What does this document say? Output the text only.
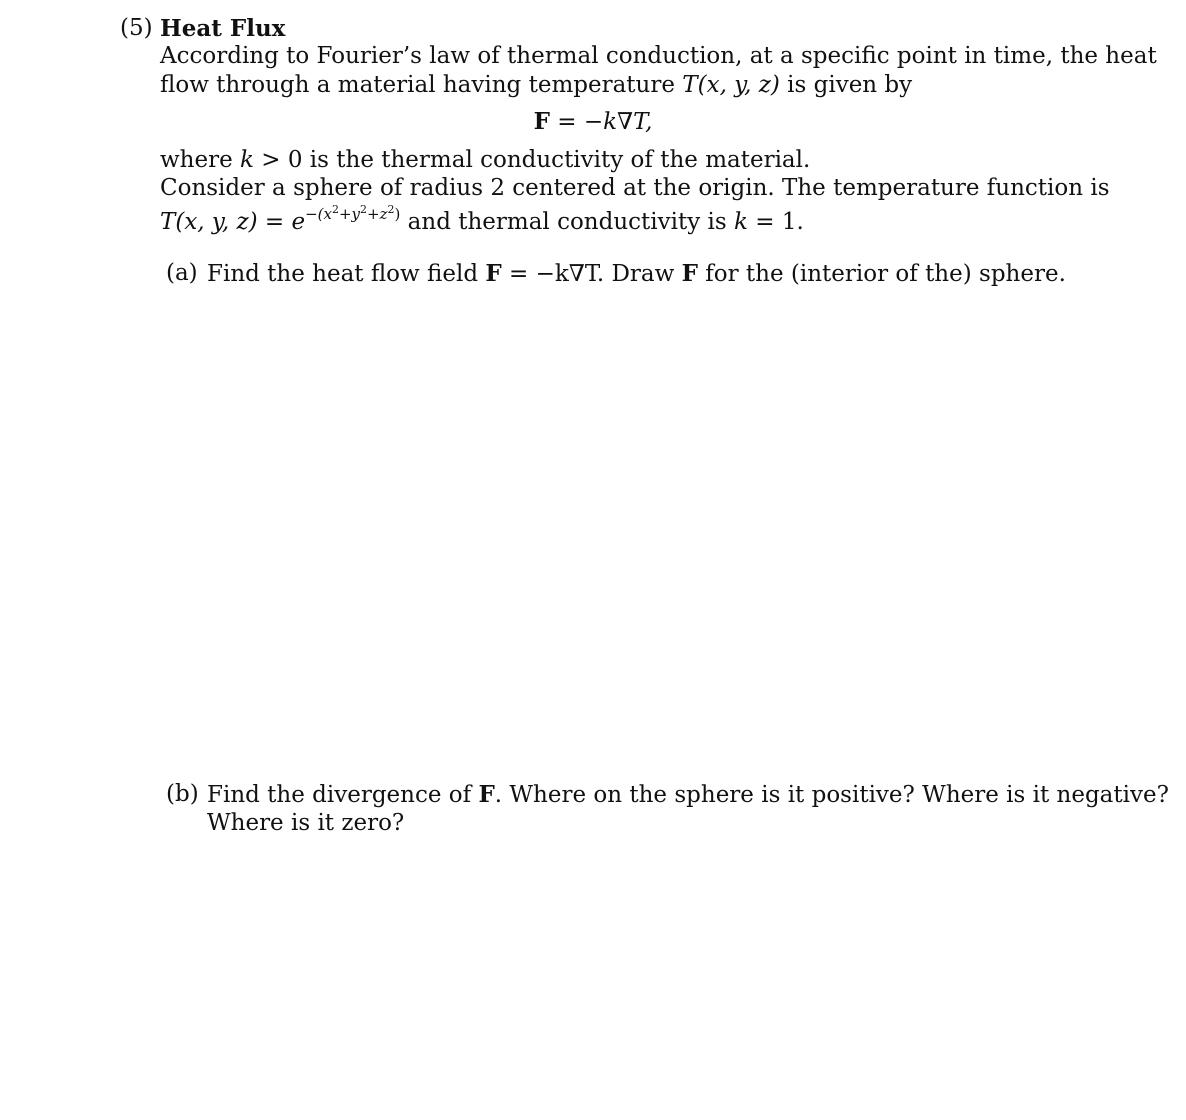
(5) Heat Flux
According to Fourier’s law of thermal conduction, at a specific point in time, the heat
flow through a material having temperature T(x, y, z) is given by
F = −k∇T,
where k > 0 is the thermal conductivity of the material.
Consider a sphere of radius 2 centered at the origin. The temperature function is
T(x, y, $z) = e^{-(x^2+y^2+z^2)}$ and thermal conductivity is k = 1.
(a) Find the heat flow field F = −k∇T. Draw F for the (interior of the) sphere.
(b) Find the divergence of F. Where on the sphere is it positive? Where is it negative?
Where is it zero?
